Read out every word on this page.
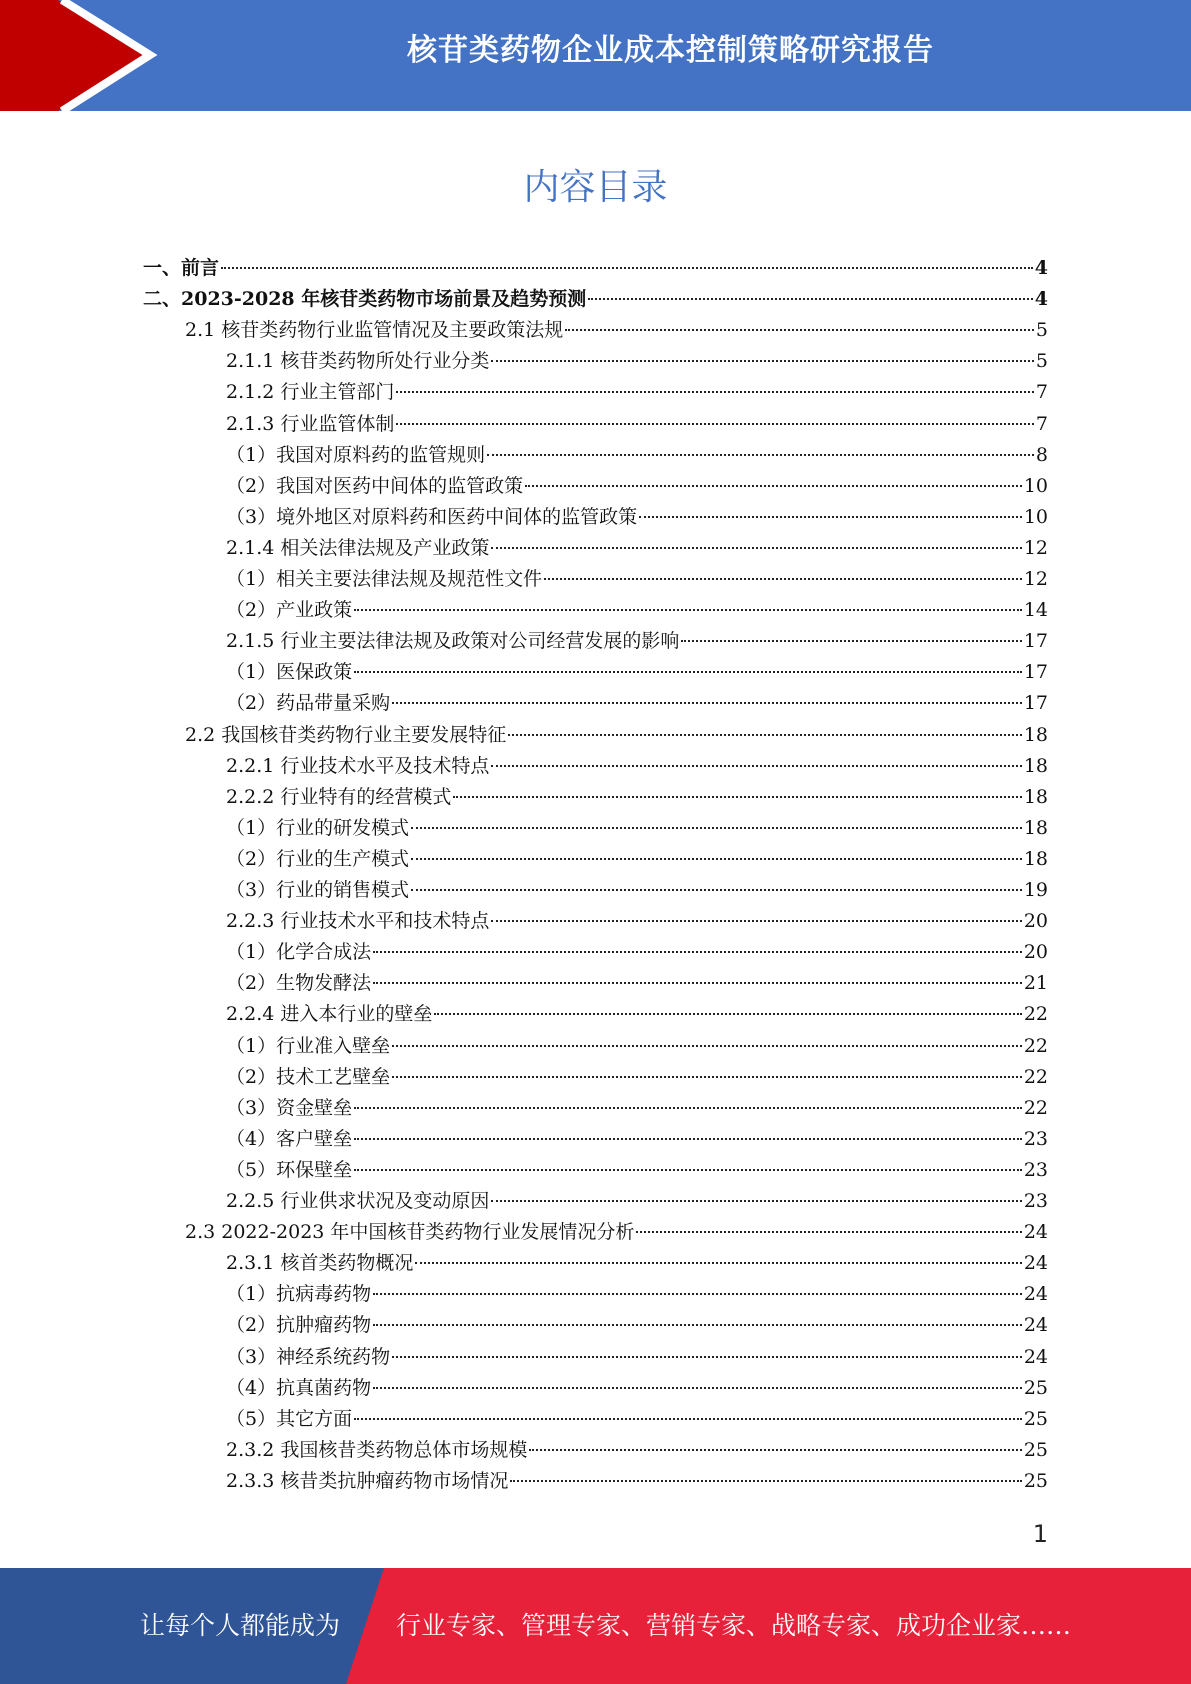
核苷类药物企业成本控制策略研究报告
内容目录
一、前言	4
二、2023-2028 年核苷类药物市场前景及趋势预测	4
2.1 核苷类药物行业监管情况及主要政策法规	5
2.1.1 核苷类药物所处行业分类	5
2.1.2 行业主管部门	7
2.1.3 行业监管体制	7
（1）我国对原料药的监管规则	8
（2）我国对医药中间体的监管政策	10
（3）境外地区对原料药和医药中间体的监管政策	10
2.1.4 相关法律法规及产业政策	12
（1）相关主要法律法规及规范性文件	12
（2）产业政策	14
2.1.5 行业主要法律法规及政策对公司经营发展的影响	17
（1）医保政策	17
（2）药品带量采购	17
2.2 我国核苷类药物行业主要发展特征	18
2.2.1 行业技术水平及技术特点	18
2.2.2 行业特有的经营模式	18
（1）行业的研发模式	18
（2）行业的生产模式	18
（3）行业的销售模式	19
2.2.3 行业技术水平和技术特点	20
（1）化学合成法	20
（2）生物发酵法	21
2.2.4 进入本行业的壁垒	22
（1）行业准入壁垒	22
（2）技术工艺壁垒	22
（3）资金壁垒	22
（4）客户壁垒	23
（5）环保壁垒	23
2.2.5 行业供求状况及变动原因	23
2.3 2022-2023 年中国核苷类药物行业发展情况分析	24
2.3.1 核首类药物概况	24
（1）抗病毒药物	24
（2）抗肿瘤药物	24
（3）神经系统药物	24
（4）抗真菌药物	25
（5）其它方面	25
2.3.2 我国核昔类药物总体市场规模	25
2.3.3 核昔类抗肿瘤药物市场情况	25
1
让每个人都能成为 行业专家、管理专家、营销专家、战略专家、成功企业家……
